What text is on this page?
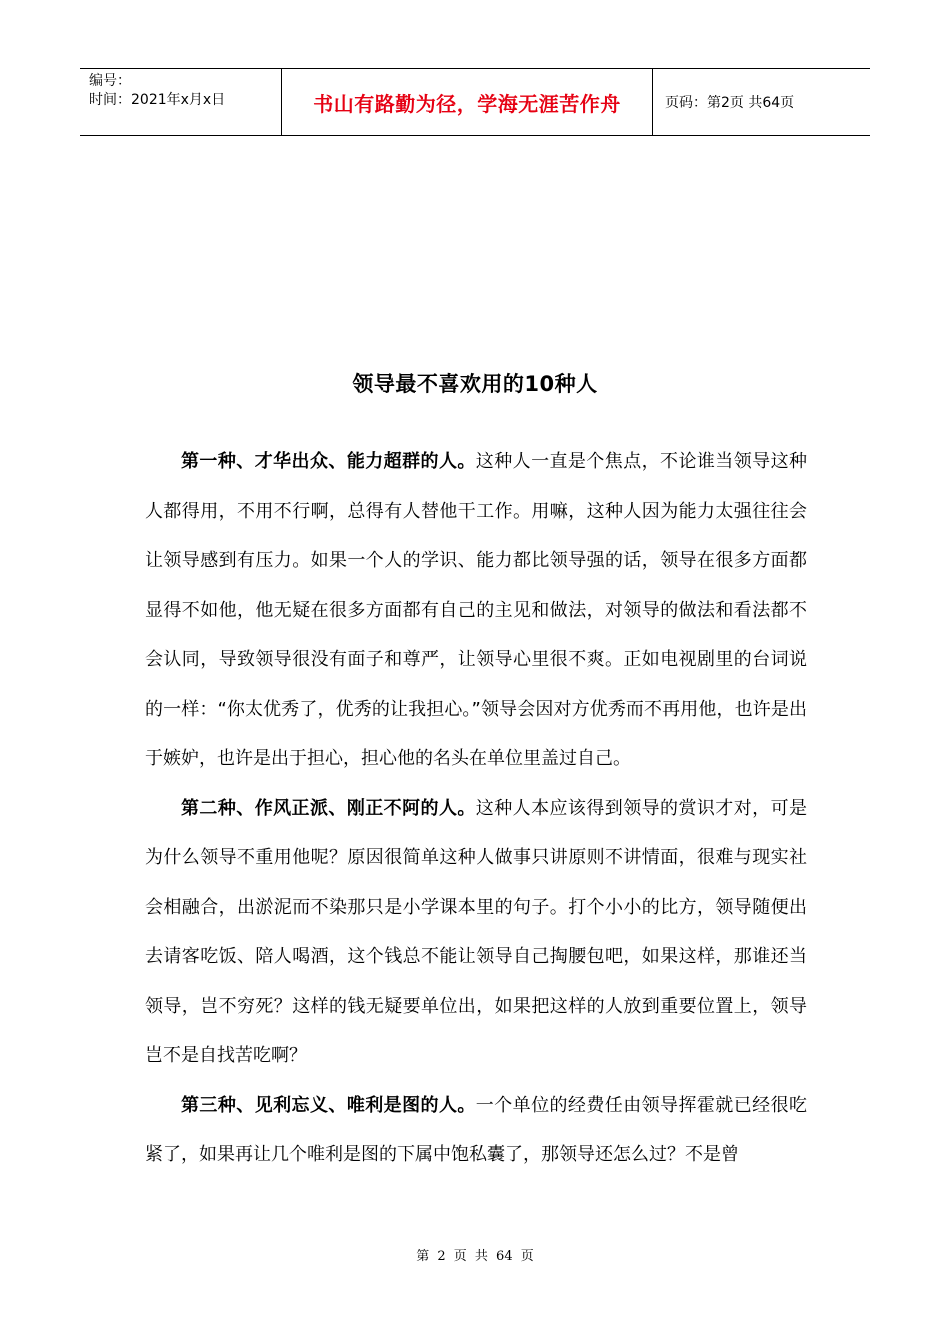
编号：
时间：2021年x月x日	书山有路勤为径，学海无涯苦作舟	页码：第2页 共64页
领导最不喜欢用的10种人

第一种、才华出众、能力超群的人。这种人一直是个焦点，不论谁当领导这种人都得用，不用不行啊，总得有人替他干工作。用嘛，这种人因为能力太强往往会让领导感到有压力。如果一个人的学识、能力都比领导强的话，领导在很多方面都显得不如他，他无疑在很多方面都有自己的主见和做法，对领导的做法和看法都不会认同，导致领导很没有面子和尊严，让领导心里很不爽。正如电视剧里的台词说的一样：“你太优秀了，优秀的让我担心。”领导会因对方优秀而不再用他，也许是出于嫉妒，也许是出于担心，担心他的名头在单位里盖过自己。

第二种、作风正派、刚正不阿的人。这种人本应该得到领导的赏识才对，可是为什么领导不重用他呢？原因很简单这种人做事只讲原则不讲情面，很难与现实社会相融合，出淤泥而不染那只是小学课本里的句子。打个小小的比方，领导随便出去请客吃饭、陪人喝酒，这个钱总不能让领导自己掏腰包吧，如果这样，那谁还当领导，岂不穷死？这样的钱无疑要单位出，如果把这样的人放到重要位置上，领导岂不是自找苦吃啊？

第三种、见利忘义、唯利是图的人。一个单位的经费任由领导挥霍就已经很吃紧了，如果再让几个唯利是图的下属中饱私囊了，那领导还怎么过？不是曾

第 2 页 共 64 页
